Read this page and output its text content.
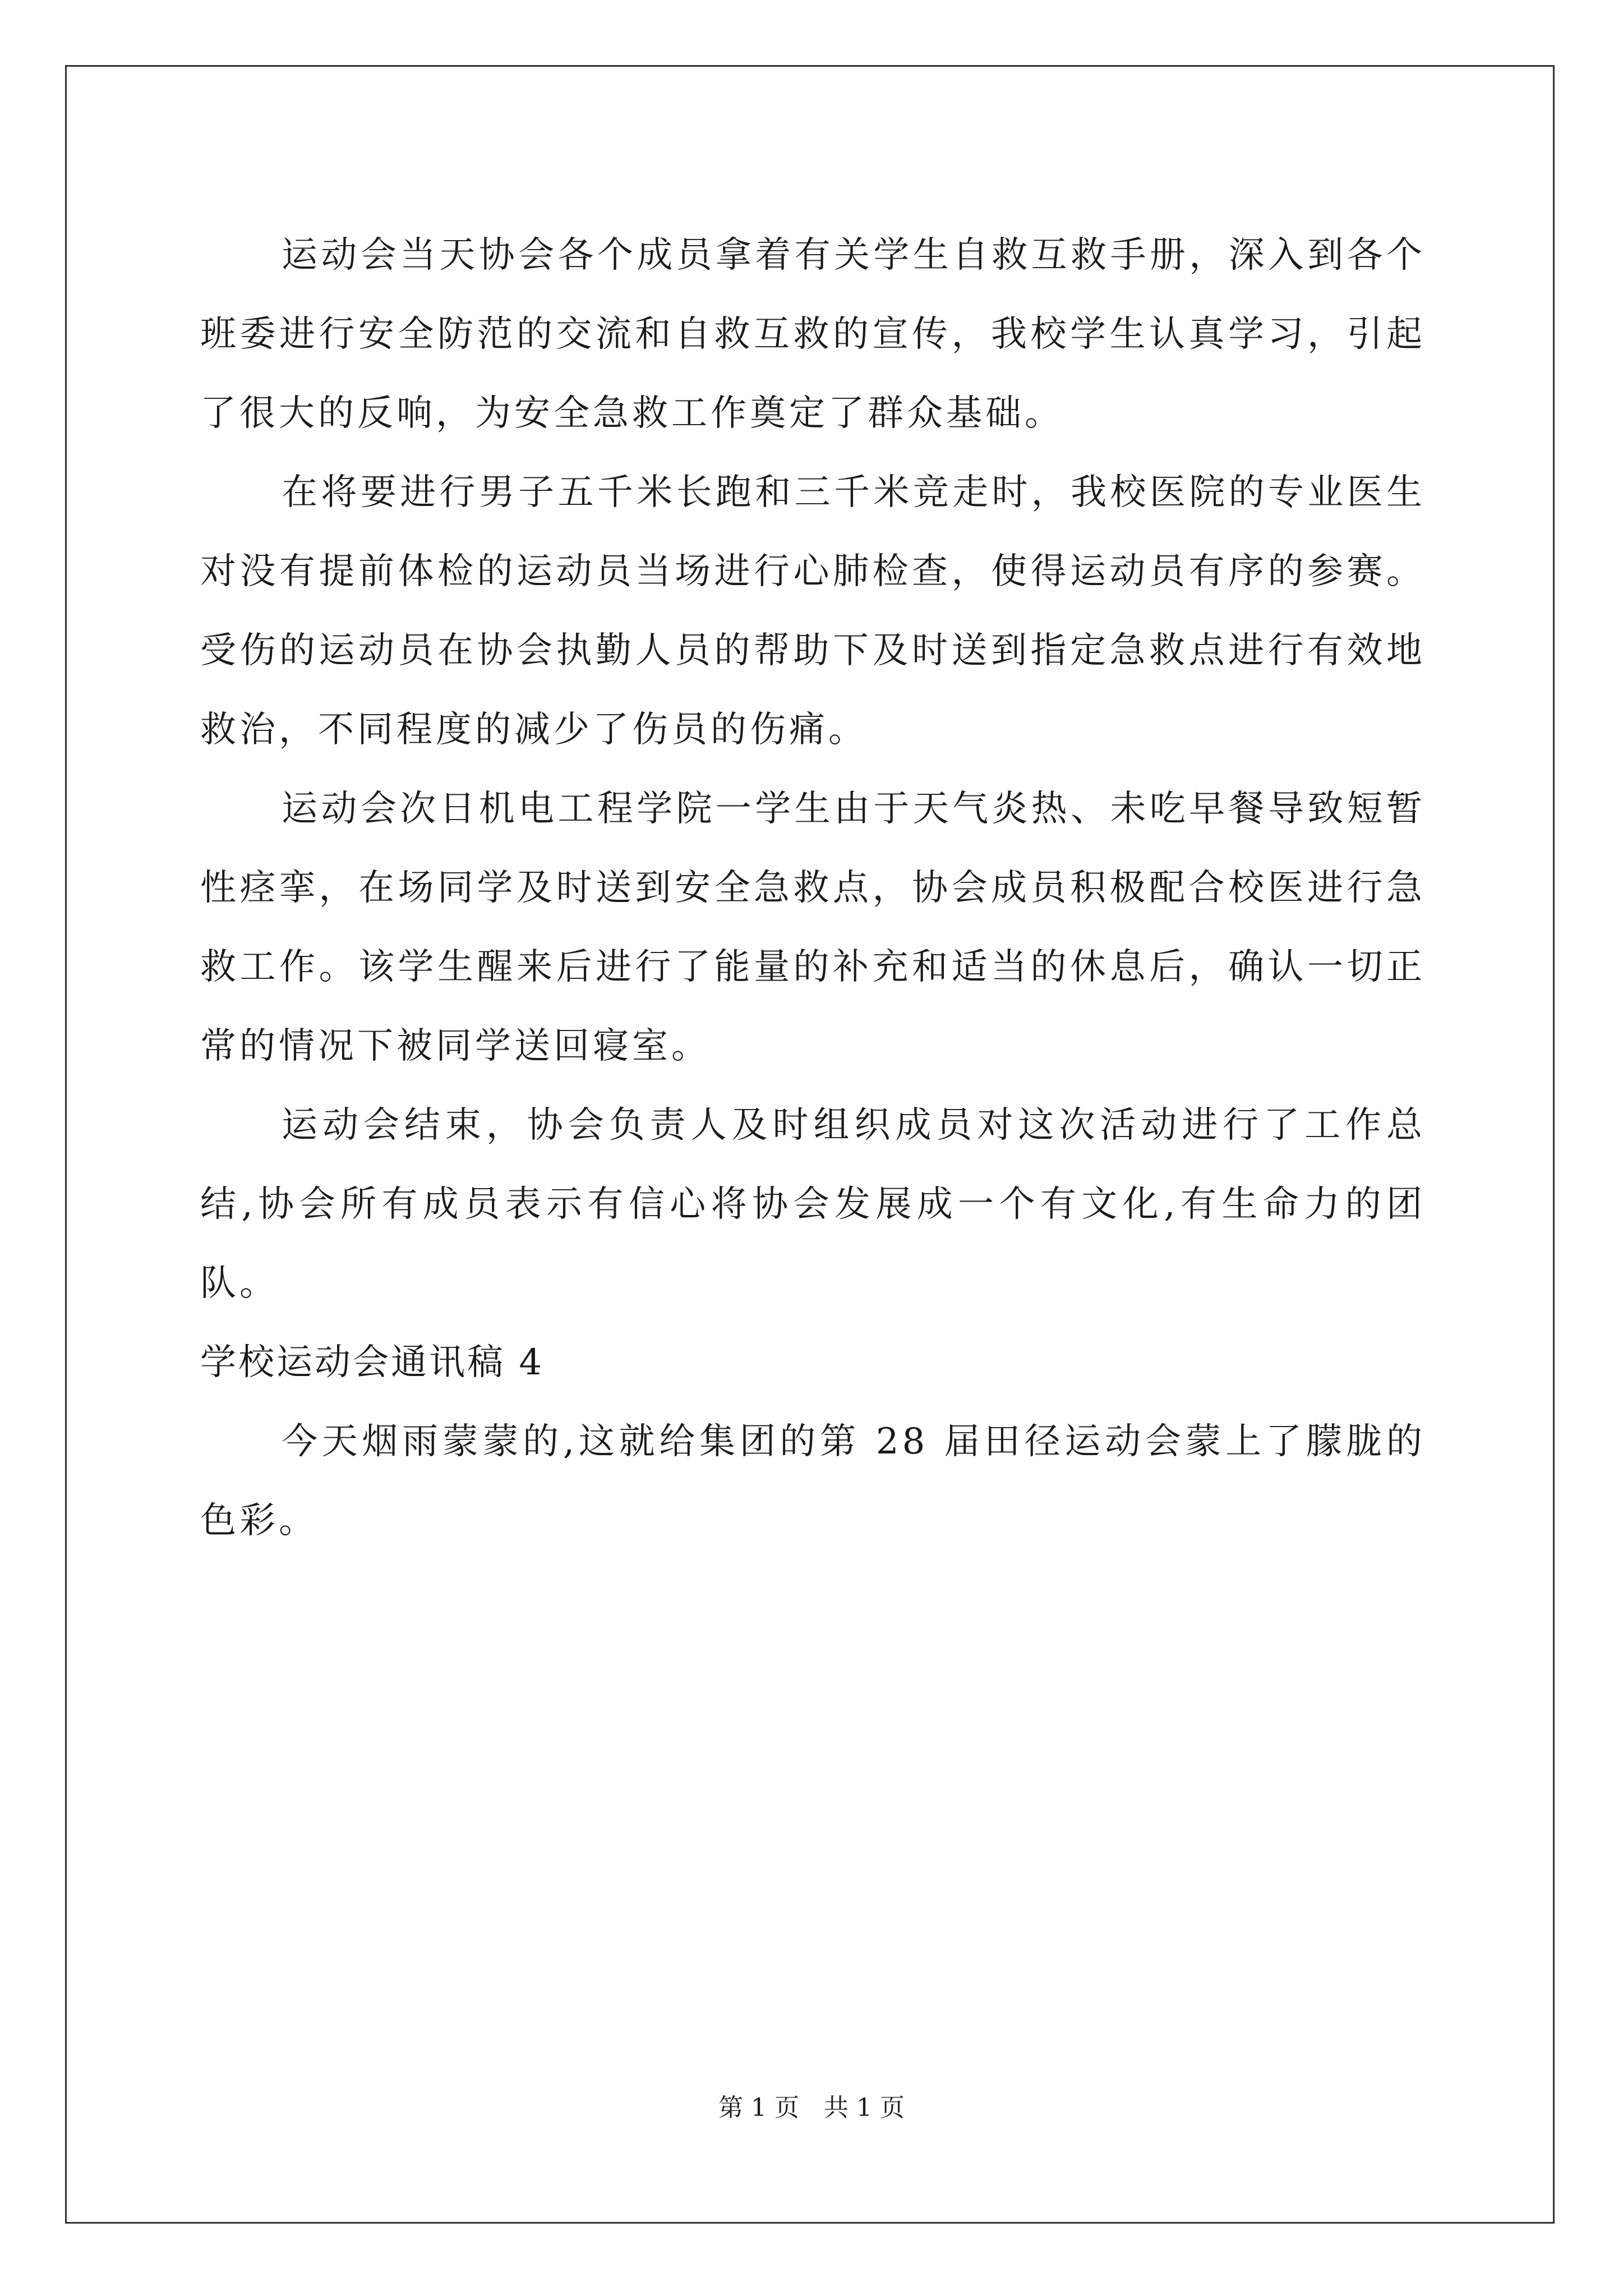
运动会当天协会各个成员拿着有关学生自救互救手册，深入到各个班委进行安全防范的交流和自救互救的宣传，我校学生认真学习，引起了很大的反响，为安全急救工作奠定了群众基础。

在将要进行男子五千米长跑和三千米竞走时，我校医院的专业医生对没有提前体检的运动员当场进行心肺检查，使得运动员有序的参赛。受伤的运动员在协会执勤人员的帮助下及时送到指定急救点进行有效地救治，不同程度的减少了伤员的伤痛。

运动会次日机电工程学院一学生由于天气炎热、未吃早餐导致短暂性痉挛，在场同学及时送到安全急救点，协会成员积极配合校医进行急救工作。该学生醒来后进行了能量的补充和适当的休息后，确认一切正常的情况下被同学送回寝室。

运动会结束，协会负责人及时组织成员对这次活动进行了工作总结,协会所有成员表示有信心将协会发展成一个有文化,有生命力的团队。

学校运动会通讯稿 4

今天烟雨蒙蒙的,这就给集团的第 28 届田径运动会蒙上了朦胧的色彩。

第 1 页　共 1 页
